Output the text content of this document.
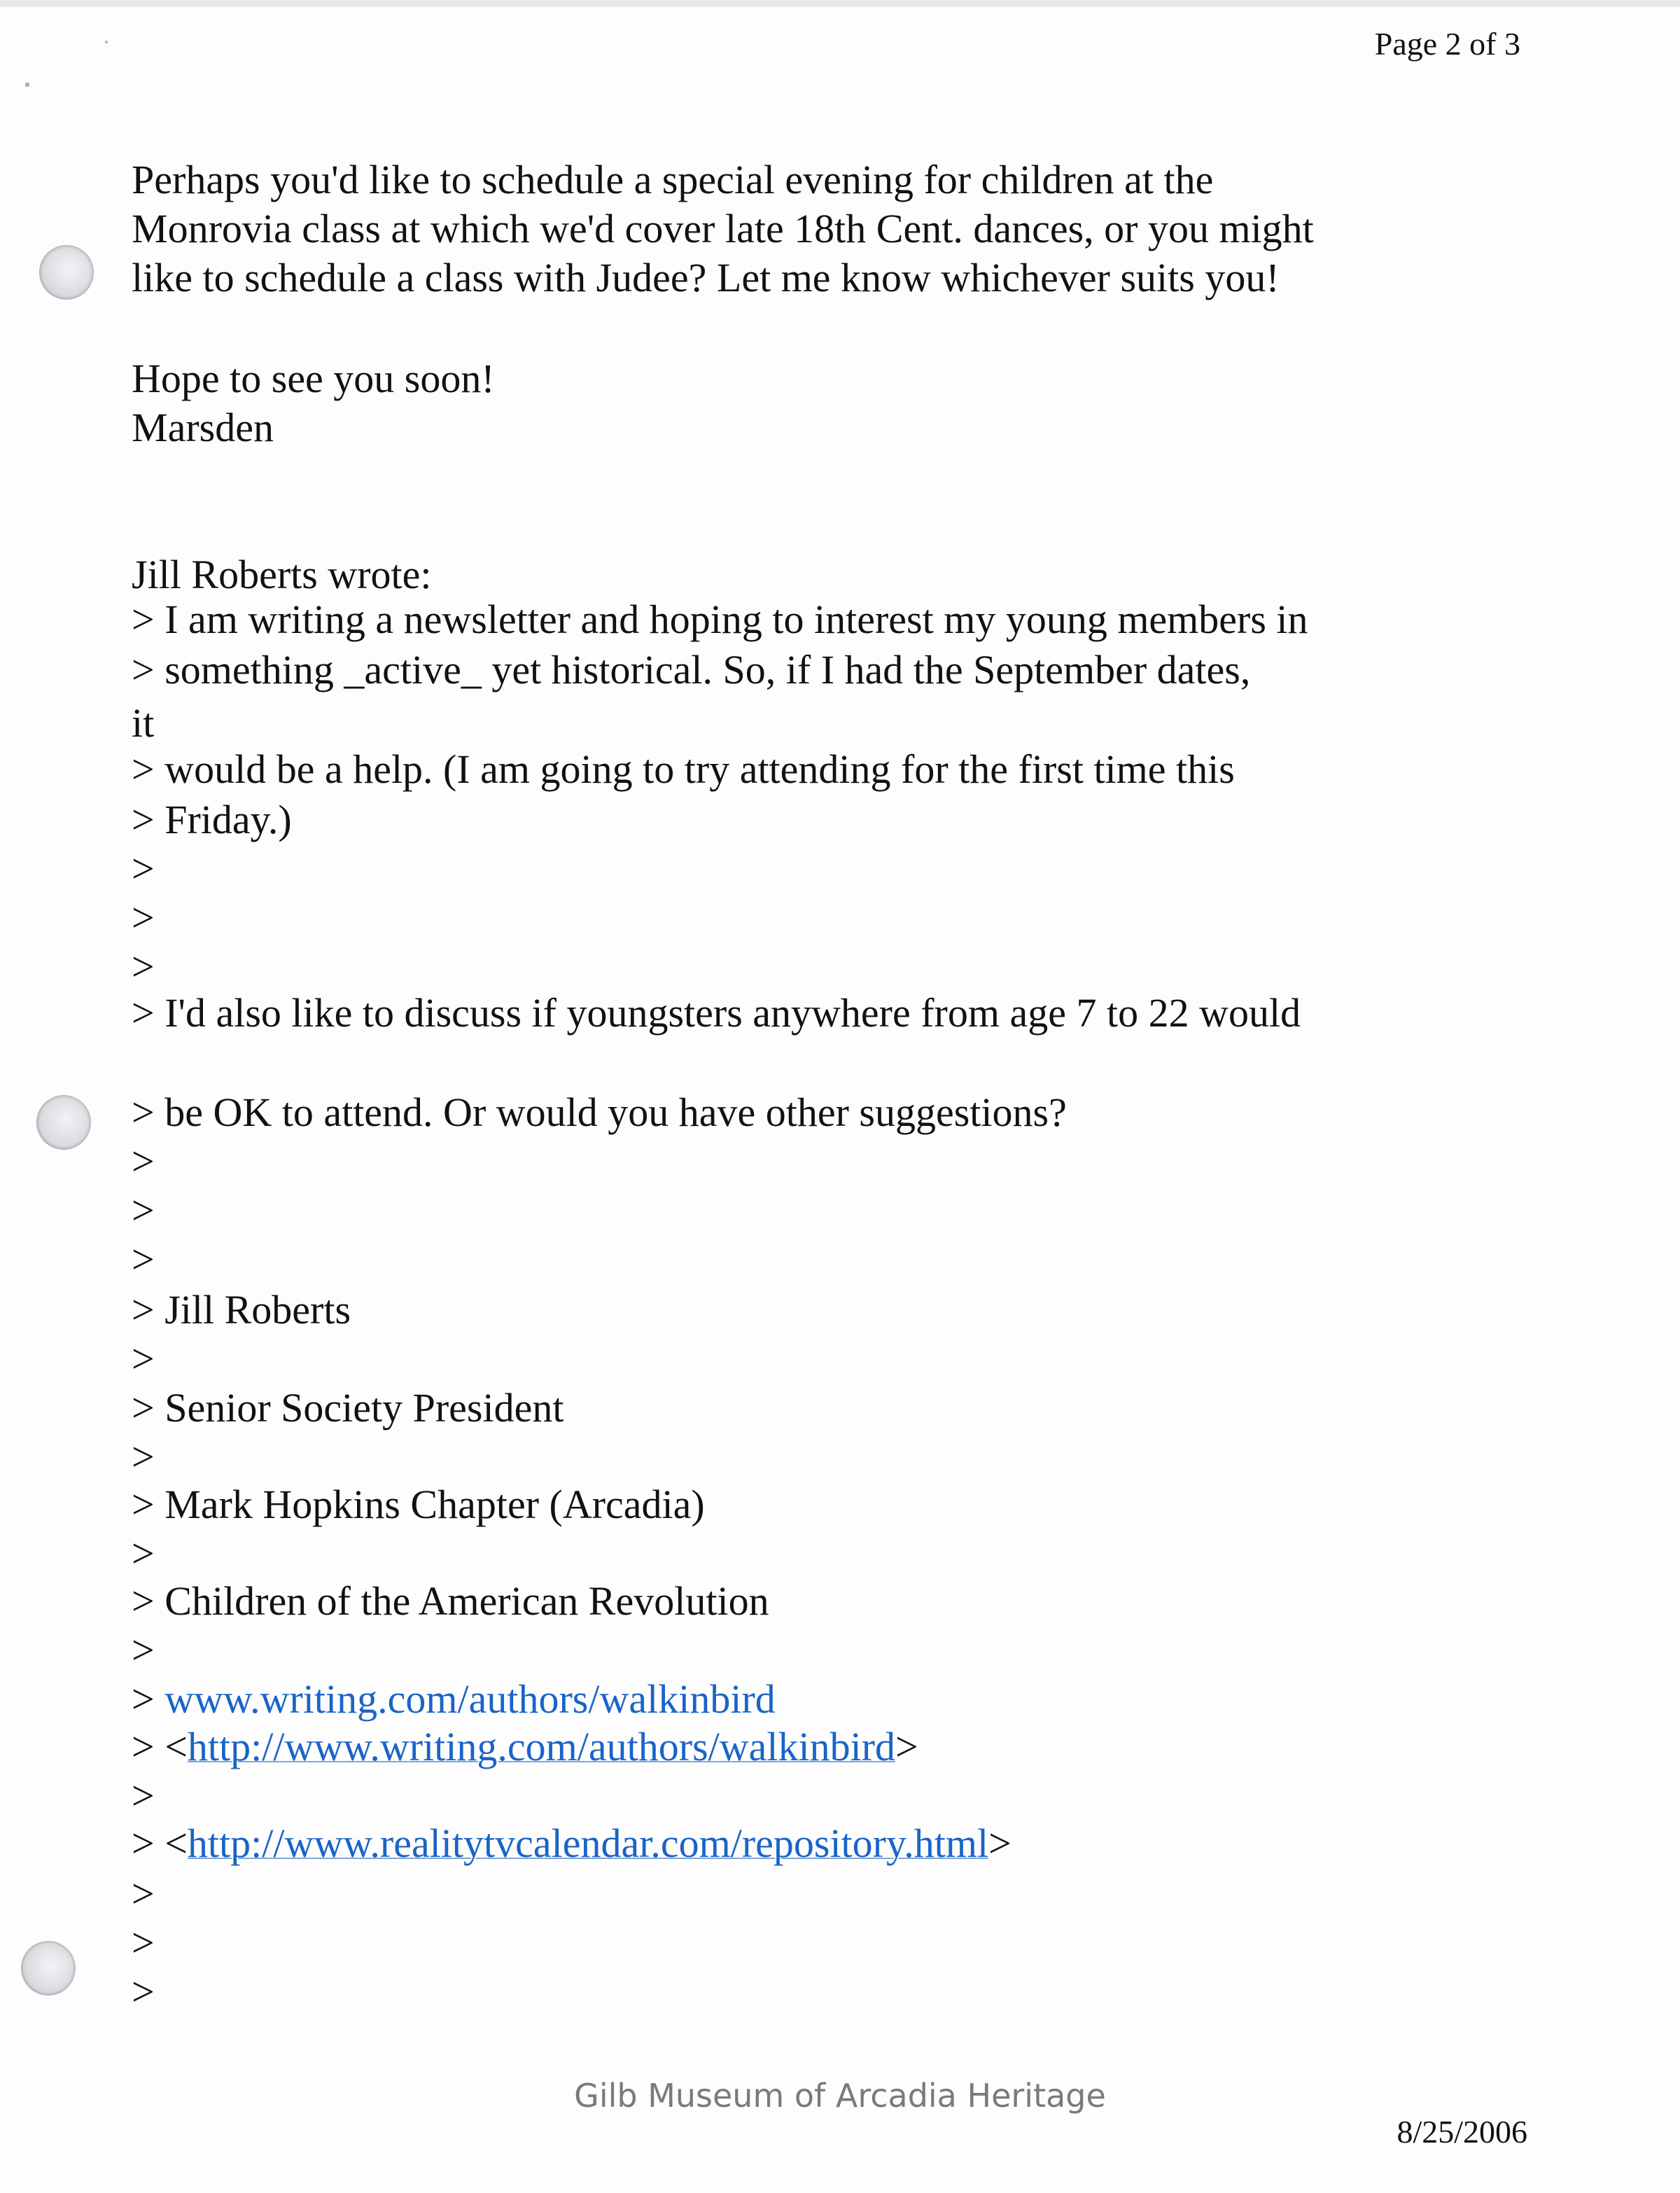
Page 2 of 3
Perhaps you'd like to schedule a special evening for children at the
Monrovia class at which we'd cover late 18th Cent. dances, or you might
like to schedule a class with Judee? Let me know whichever suits you!
Hope to see you soon!
Marsden
Jill Roberts wrote:
> I am writing a newsletter and hoping to interest my young members in
> something _active_ yet historical. So, if I had the September dates,
it
> would be a help. (I am going to try attending for the first time this
> Friday.)
>
>
>
> I'd also like to discuss if youngsters anywhere from age 7 to 22 would
> be OK to attend. Or would you have other suggestions?
>
>
>
> Jill Roberts
>
> Senior Society President
>
> Mark Hopkins Chapter (Arcadia)
>
> Children of the American Revolution
>
> www.writing.com/authors/walkinbird
> <http://www.writing.com/authors/walkinbird>
>
> <http://www.realitytvcalendar.com/repository.html>
>
>
>
Gilb Museum of Arcadia Heritage
8/25/2006
